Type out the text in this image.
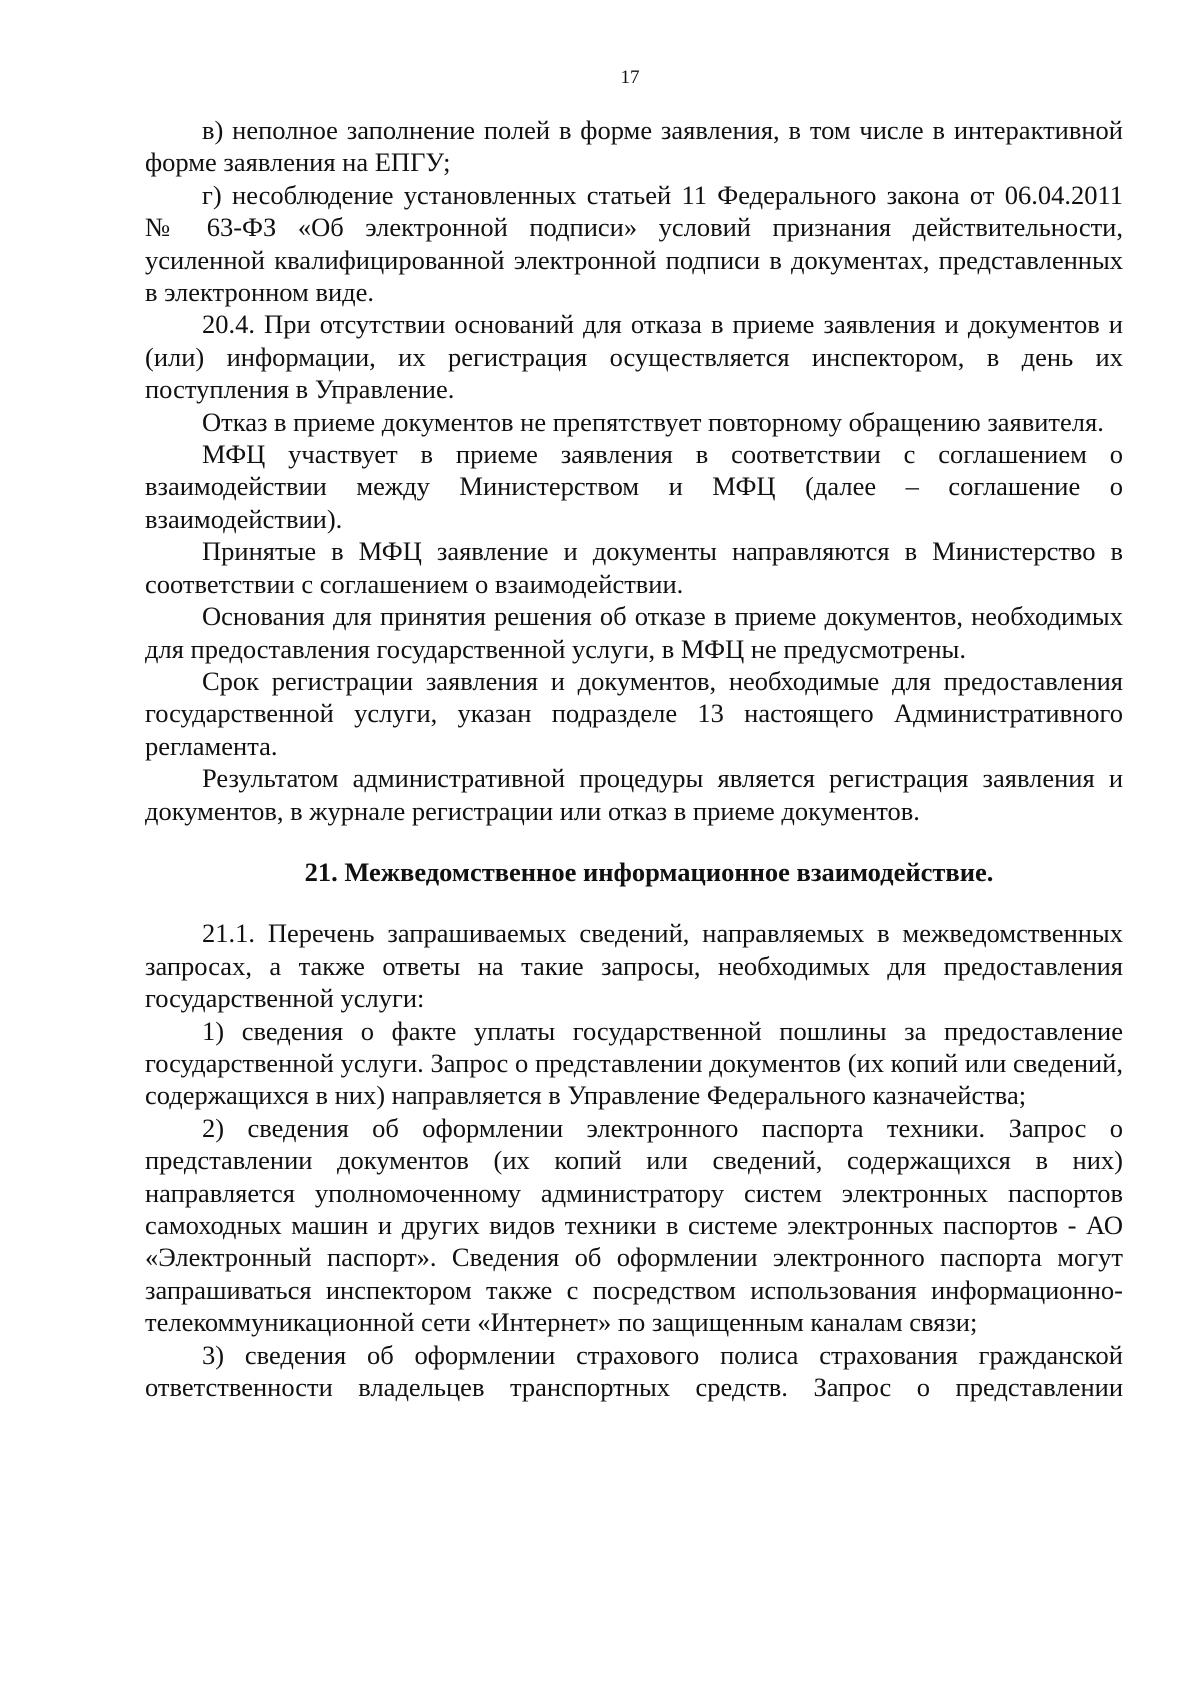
17

в) неполное заполнение полей в форме заявления, в том числе в интерактивной форме заявления на ЕПГУ;

г) несоблюдение установленных статьей 11 Федерального закона от 06.04.2011 № 63-ФЗ «Об электронной подписи» условий признания действительности, усиленной квалифицированной электронной подписи в документах, представленных в электронном виде.

20.4. При отсутствии оснований для отказа в приеме заявления и документов и (или) информации, их регистрация осуществляется инспектором, в день их поступления в Управление.

Отказ в приеме документов не препятствует повторному обращению заявителя.

МФЦ участвует в приеме заявления в соответствии с соглашением о взаимодействии между Министерством и МФЦ (далее – соглашение о взаимодействии).

Принятые в МФЦ заявление и документы направляются в Министерство в соответствии с соглашением о взаимодействии.

Основания для принятия решения об отказе в приеме документов, необходимых для предоставления государственной услуги, в МФЦ не предусмотрены.

Срок регистрации заявления и документов, необходимые для предоставления государственной услуги, указан подразделе 13 настоящего Административного регламента.

Результатом административной процедуры является регистрация заявления и документов, в журнале регистрации или отказ в приеме документов.

21. Межведомственное информационное взаимодействие.

21.1. Перечень запрашиваемых сведений, направляемых в межведомственных запросах, а также ответы на такие запросы, необходимых для предоставления государственной услуги:

1) сведения о факте уплаты государственной пошлины за предоставление государственной услуги. Запрос о представлении документов (их копий или сведений, содержащихся в них) направляется в Управление Федерального казначейства;

2) сведения об оформлении электронного паспорта техники. Запрос о представлении документов (их копий или сведений, содержащихся в них) направляется уполномоченному администратору систем электронных паспортов самоходных машин и других видов техники в системе электронных паспортов - АО «Электронный паспорт». Сведения об оформлении электронного паспорта могут запрашиваться инспектором также с посредством использования информационно-телекоммуникационной сети «Интернет» по защищенным каналам связи;

3) сведения об оформлении страхового полиса страхования гражданской ответственности владельцев транспортных средств. Запрос о представлении
